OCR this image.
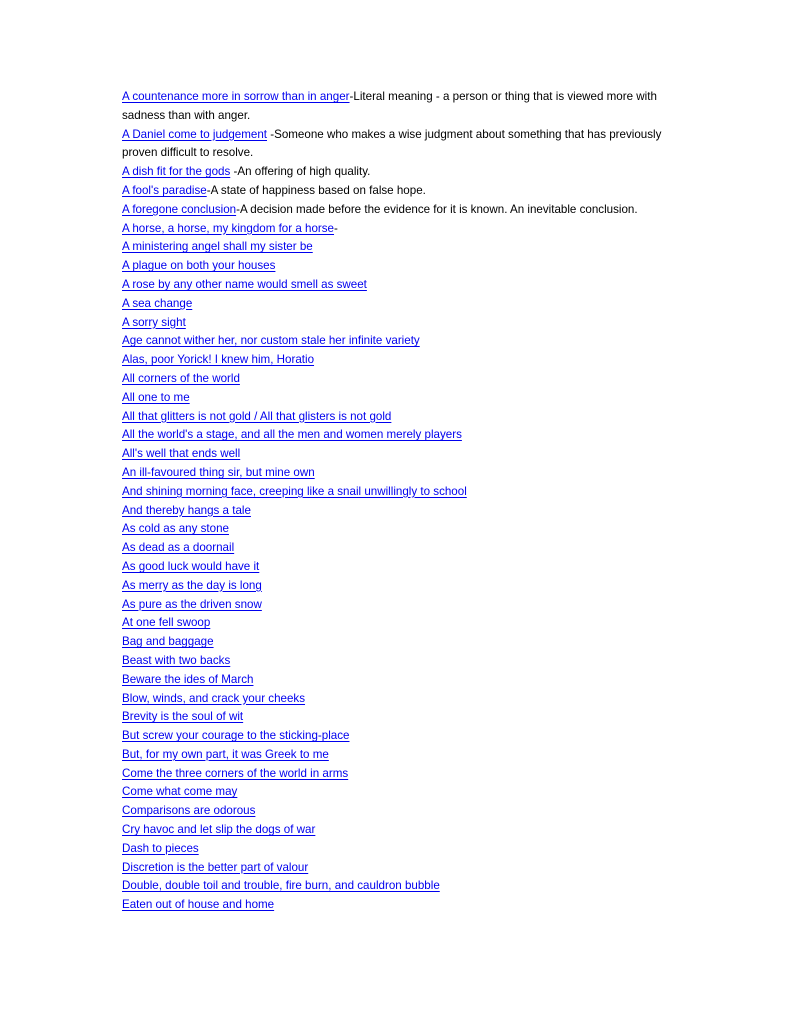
A countenance more in sorrow than in anger-Literal meaning - a person or thing that is viewed more with sadness than with anger.

A Daniel come to judgement -Someone who makes a wise judgment about something that has previously proven difficult to resolve.

A dish fit for the gods -An offering of high quality.

A fool's paradise-A state of happiness based on false hope.

A foregone conclusion-A decision made before the evidence for it is known. An inevitable conclusion.

A horse, a horse, my kingdom for a horse-

A ministering angel shall my sister be

A plague on both your houses

A rose by any other name would smell as sweet

A sea change

A sorry sight

Age cannot wither her, nor custom stale her infinite variety

Alas, poor Yorick! I knew him, Horatio

All corners of the world

All one to me

All that glitters is not gold / All that glisters is not gold

All the world's a stage, and all the men and women merely players

All's well that ends well

An ill-favoured thing sir, but mine own

And shining morning face, creeping like a snail unwillingly to school

And thereby hangs a tale

As cold as any stone

As dead as a doornail

As good luck would have it

As merry as the day is long

As pure as the driven snow

At one fell swoop

Bag and baggage

Beast with two backs

Beware the ides of March

Blow, winds, and crack your cheeks

Brevity is the soul of wit

But screw your courage to the sticking-place

But, for my own part, it was Greek to me

Come the three corners of the world in arms

Come what come may

Comparisons are odorous

Cry havoc and let slip the dogs of war

Dash to pieces

Discretion is the better part of valour

Double, double toil and trouble, fire burn, and cauldron bubble

Eaten out of house and home
